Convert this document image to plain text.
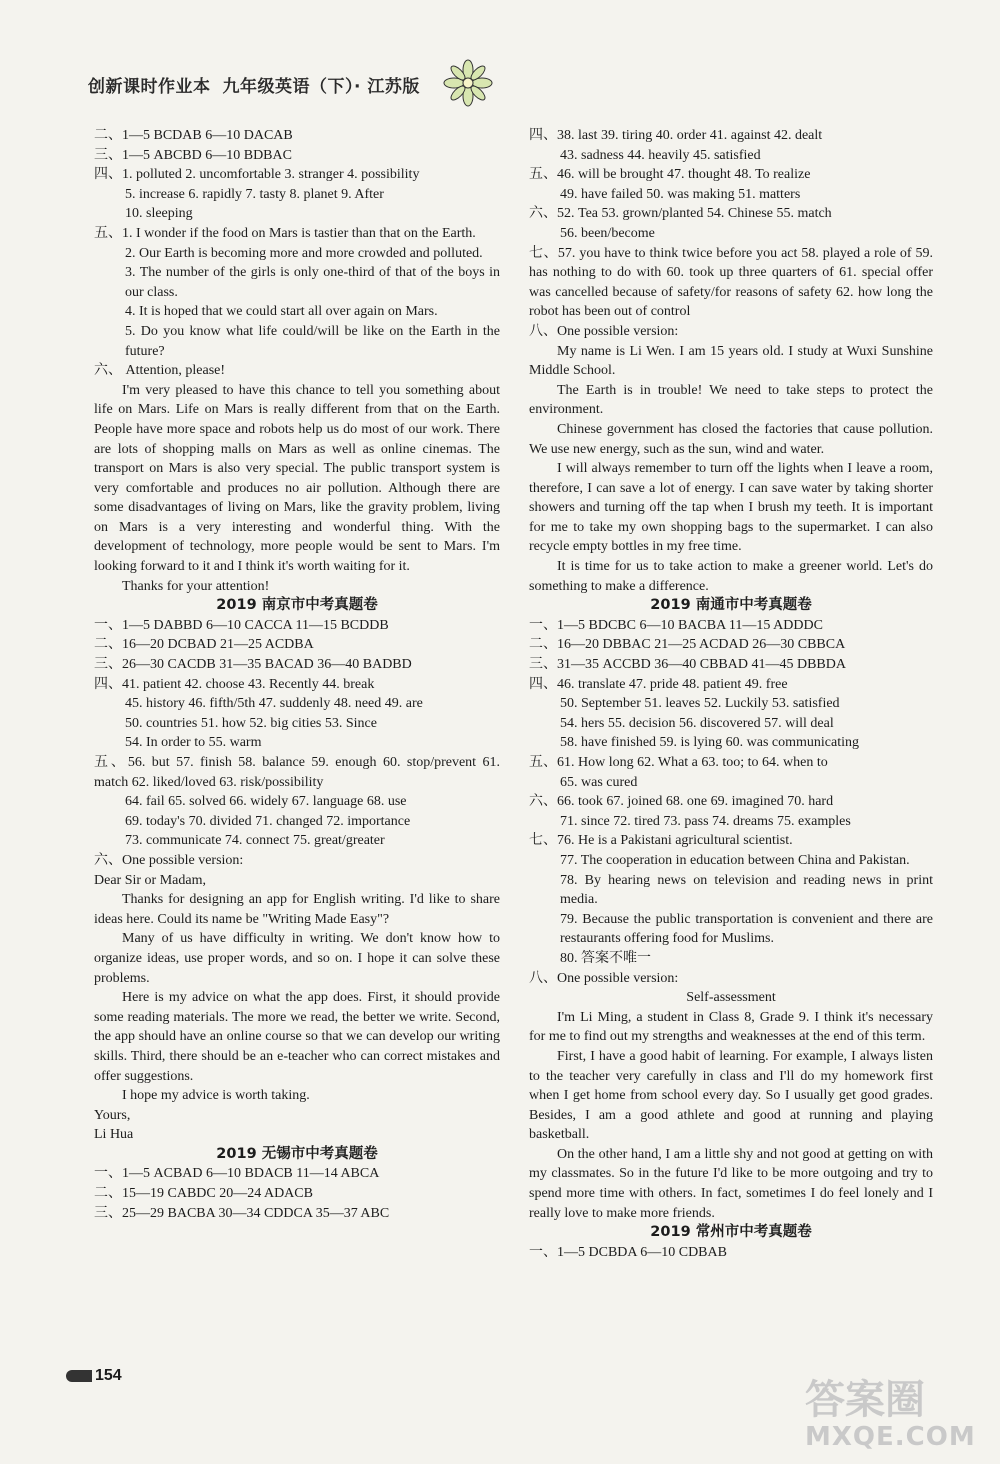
创新课时作业本 九年级英语（下）· 江苏版
二、1—5 BCDAB 6—10 DACAB
三、1—5 ABCBD 6—10 BDBAC
四、1. polluted 2. uncomfortable 3. stranger 4. possibility
5. increase 6. rapidly 7. tasty 8. planet 9. After
10. sleeping
五、1. I wonder if the food on Mars is tastier than that on the Earth.
2. Our Earth is becoming more and more crowded and polluted.
3. The number of the girls is only one-third of that of the boys in our class.
4. It is hoped that we could start all over again on Mars.
5. Do you know what life could/will be like on the Earth in the future?
六、 Attention, please!
I'm very pleased to have this chance to tell you something about life on Mars. Life on Mars is really different from that on the Earth. People have more space and robots help us do most of our work. There are lots of shopping malls on Mars as well as online cinemas. The transport on Mars is also very special. The public transport system is very comfortable and produces no air pollution. Although there are some disadvantages of living on Mars, like the gravity problem, living on Mars is a very interesting and wonderful thing. With the development of technology, more people would be sent to Mars. I'm looking forward to it and I think it's worth waiting for it.
Thanks for your attention!
2019 南京市中考真题卷
一、1—5 DABBD 6—10 CACCA 11—15 BCDDB
二、16—20 DCBAD 21—25 ACDBA
三、26—30 CACDB 31—35 BACAD 36—40 BADBD
四、41. patient 42. choose 43. Recently 44. break
45. history 46. fifth/5th 47. suddenly 48. need 49. are
50. countries 51. how 52. big cities 53. Since
54. In order to 55. warm
五、56. but 57. finish 58. balance 59. enough 60. stop/prevent 61. match 62. liked/loved 63. risk/possibility
64. fail 65. solved 66. widely 67. language 68. use
69. today's 70. divided 71. changed 72. importance
73. communicate 74. connect 75. great/greater
六、One possible version:
Dear Sir or Madam,
Thanks for designing an app for English writing. I'd like to share ideas here. Could its name be "Writing Made Easy"?
Many of us have difficulty in writing. We don't know how to organize ideas, use proper words, and so on. I hope it can solve these problems.
Here is my advice on what the app does. First, it should provide some reading materials. The more we read, the better we write. Second, the app should have an online course so that we can develop our writing skills. Third, there should be an e-teacher who can correct mistakes and offer suggestions.
I hope my advice is worth taking.
Yours,
Li Hua
2019 无锡市中考真题卷
一、1—5 ACBAD 6—10 BDACB 11—14 ABCA
二、15—19 CABDC 20—24 ADACB
三、25—29 BACBA 30—34 CDDCA 35—37 ABC
四、38. last 39. tiring 40. order 41. against 42. dealt
43. sadness 44. heavily 45. satisfied
五、46. will be brought 47. thought 48. To realize
49. have failed 50. was making 51. matters
六、52. Tea 53. grown/planted 54. Chinese 55. match
56. been/become
七、57. you have to think twice before you act 58. played a role of 59. has nothing to do with 60. took up three quarters of 61. special offer was cancelled because of safety/for reasons of safety 62. how long the robot has been out of control
八、One possible version:
My name is Li Wen. I am 15 years old. I study at Wuxi Sunshine Middle School.
The Earth is in trouble! We need to take steps to protect the environment.
Chinese government has closed the factories that cause pollution. We use new energy, such as the sun, wind and water.
I will always remember to turn off the lights when I leave a room, therefore, I can save a lot of energy. I can save water by taking shorter showers and turning off the tap when I brush my teeth. It is important for me to take my own shopping bags to the supermarket. I can also recycle empty bottles in my free time.
It is time for us to take action to make a greener world. Let's do something to make a difference.
2019 南通市中考真题卷
一、1—5 BDCBC 6—10 BACBA 11—15 ADDDC
二、16—20 DBBAC 21—25 ACDAD 26—30 CBBCA
三、31—35 ACCBD 36—40 CBBAD 41—45 DBBDA
四、46. translate 47. pride 48. patient 49. free
50. September 51. leaves 52. Luckily 53. satisfied
54. hers 55. decision 56. discovered 57. will deal
58. have finished 59. is lying 60. was communicating
五、61. How long 62. What a 63. too; to 64. when to
65. was cured
六、66. took 67. joined 68. one 69. imagined 70. hard
71. since 72. tired 73. pass 74. dreams 75. examples
七、76. He is a Pakistani agricultural scientist.
77. The cooperation in education between China and Pakistan.
78. By hearing news on television and reading news in print media.
79. Because the public transportation is convenient and there are restaurants offering food for Muslims.
80. 答案不唯一
八、One possible version:
Self-assessment
I'm Li Ming, a student in Class 8, Grade 9. I think it's necessary for me to find out my strengths and weaknesses at the end of this term.
First, I have a good habit of learning. For example, I always listen to the teacher very carefully in class and I'll do my homework first when I get home from school every day. So I usually get good grades. Besides, I am a good athlete and good at running and playing basketball.
On the other hand, I am a little shy and not good at getting on with my classmates. So in the future I'd like to be more outgoing and try to spend more time with others. In fact, sometimes I do feel lonely and I really love to make more friends.
2019 常州市中考真题卷
一、1—5 DCBDA 6—10 CDBAB
154
答案圈
MXQE.COM
